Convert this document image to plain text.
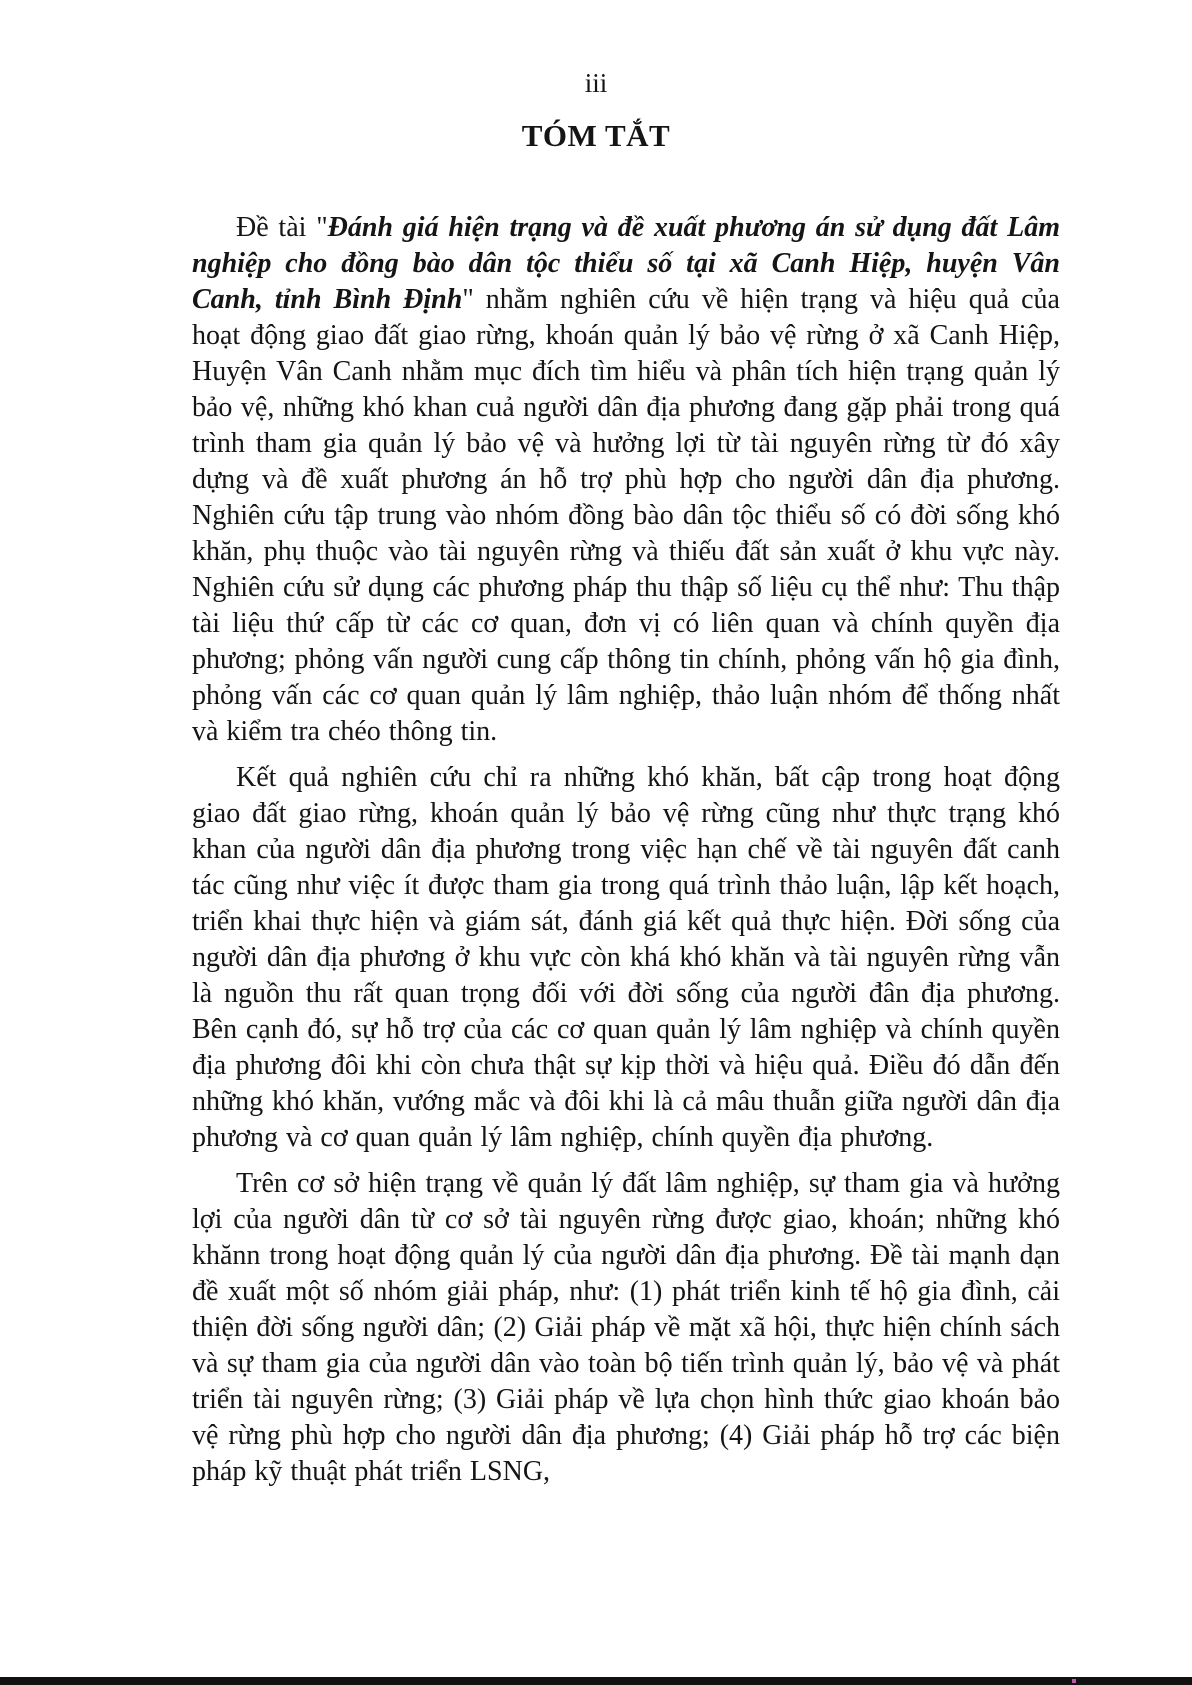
iii
TÓM TẮT

Đề tài "Đánh giá hiện trạng và đề xuất phương án sử dụng đất Lâm nghiệp cho đồng bào dân tộc thiểu số tại xã Canh Hiệp, huyện Vân Canh, tỉnh Bình Định" nhằm nghiên cứu về hiện trạng và hiệu quả của hoạt động giao đất giao rừng, khoán quản lý bảo vệ rừng ở xã Canh Hiệp, Huyện Vân Canh nhằm mục đích tìm hiểu và phân tích hiện trạng quản lý bảo vệ, những khó khan cuả người dân địa phương đang gặp phải trong quá trình tham gia quản lý bảo vệ và hưởng lợi từ tài nguyên rừng từ đó xây dựng và đề xuất phương án hỗ trợ phù hợp cho người dân địa phương. Nghiên cứu tập trung vào nhóm đồng bào dân tộc thiểu số có đời sống khó khăn, phụ thuộc vào tài nguyên rừng và thiếu đất sản xuất ở khu vực này. Nghiên cứu sử dụng các phương pháp thu thập số liệu cụ thể như: Thu thập tài liệu thứ cấp từ các cơ quan, đơn vị có liên quan và chính quyền địa phương; phỏng vấn người cung cấp thông tin chính, phỏng vấn hộ gia đình, phỏng vấn các cơ quan quản lý lâm nghiệp, thảo luận nhóm để thống nhất và kiểm tra chéo thông tin.

Kết quả nghiên cứu chỉ ra những khó khăn, bất cập trong hoạt động giao đất giao rừng, khoán quản lý bảo vệ rừng cũng như thực trạng khó khan của người dân địa phương trong việc hạn chế về tài nguyên đất canh tác cũng như việc ít được tham gia trong quá trình thảo luận, lập kết hoạch, triển khai thực hiện và giám sát, đánh giá kết quả thực hiện. Đời sống của người dân địa phương ở khu vực còn khá khó khăn và tài nguyên rừng vẫn là nguồn thu rất quan trọng đối với đời sống của người đân địa phương. Bên cạnh đó, sự hỗ trợ của các cơ quan quản lý lâm nghiệp và chính quyền địa phương đôi khi còn chưa thật sự kịp thời và hiệu quả. Điều đó dẫn đến những khó khăn, vướng mắc và đôi khi là cả mâu thuẫn giữa người dân địa phương và cơ quan quản lý lâm nghiệp, chính quyền địa phương.

Trên cơ sở hiện trạng về quản lý đất lâm nghiệp, sự tham gia và hưởng lợi của người dân từ cơ sở tài nguyên rừng được giao, khoán; những khó khănn trong hoạt động quản lý của người dân địa phương. Đề tài mạnh dạn đề xuất một số nhóm giải pháp, như: (1) phát triển kinh tế hộ gia đình, cải thiện đời sống người dân; (2) Giải pháp về mặt xã hội, thực hiện chính sách và sự tham gia của người dân vào toàn bộ tiến trình quản lý, bảo vệ và phát triển tài nguyên rừng; (3) Giải pháp về lựa chọn hình thức giao khoán bảo vệ rừng phù hợp cho người dân địa phương; (4) Giải pháp hỗ trợ các biện pháp kỹ thuật phát triển LSNG,
